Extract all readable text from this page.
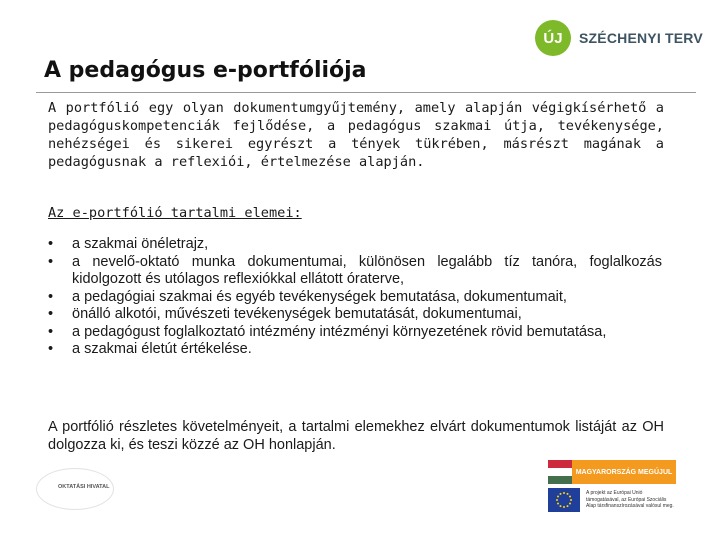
ÚJ	SZÉCHENYI TERV
A pedagógus e-portfóliója

A portfólió egy olyan dokumentumgyűjtemény, amely alapján végigkísérhető a pedagóguskompetenciák fejlődése, a pedagógus szakmai útja, tevékenysége, nehézségei és sikerei egyrészt a tények tükrében, másrészt magának a pedagógusnak a reflexiói, értelmezése alapján.

Az e-portfólió tartalmi elemei:

• a szakmai önéletrajz,
• a nevelő-oktató munka dokumentumai, különösen legalább tíz tanóra, foglalkozás kidolgozott és utólagos reflexiókkal ellátott óraterve,
• a pedagógiai szakmai és egyéb tevékenységek bemutatása, dokumentumait,
• önálló alkotói, művészeti tevékenységek bemutatását, dokumentumai,
• a pedagógust foglalkoztató intézmény intézményi környezetének rövid bemutatása,
• a szakmai életút értékelése.

A portfólió részletes követelményeit, a tartalmi elemekhez elvárt dokumentumok listáját az OH dolgozza ki, és teszi közzé az OH honlapján.

OKTATÁSI HIVATAL
MAGYARORSZÁG MEGÚJUL
A projekt az Európai Unió támogatásával, az Európai Szociális Alap társfinanszírozásával valósul meg.
